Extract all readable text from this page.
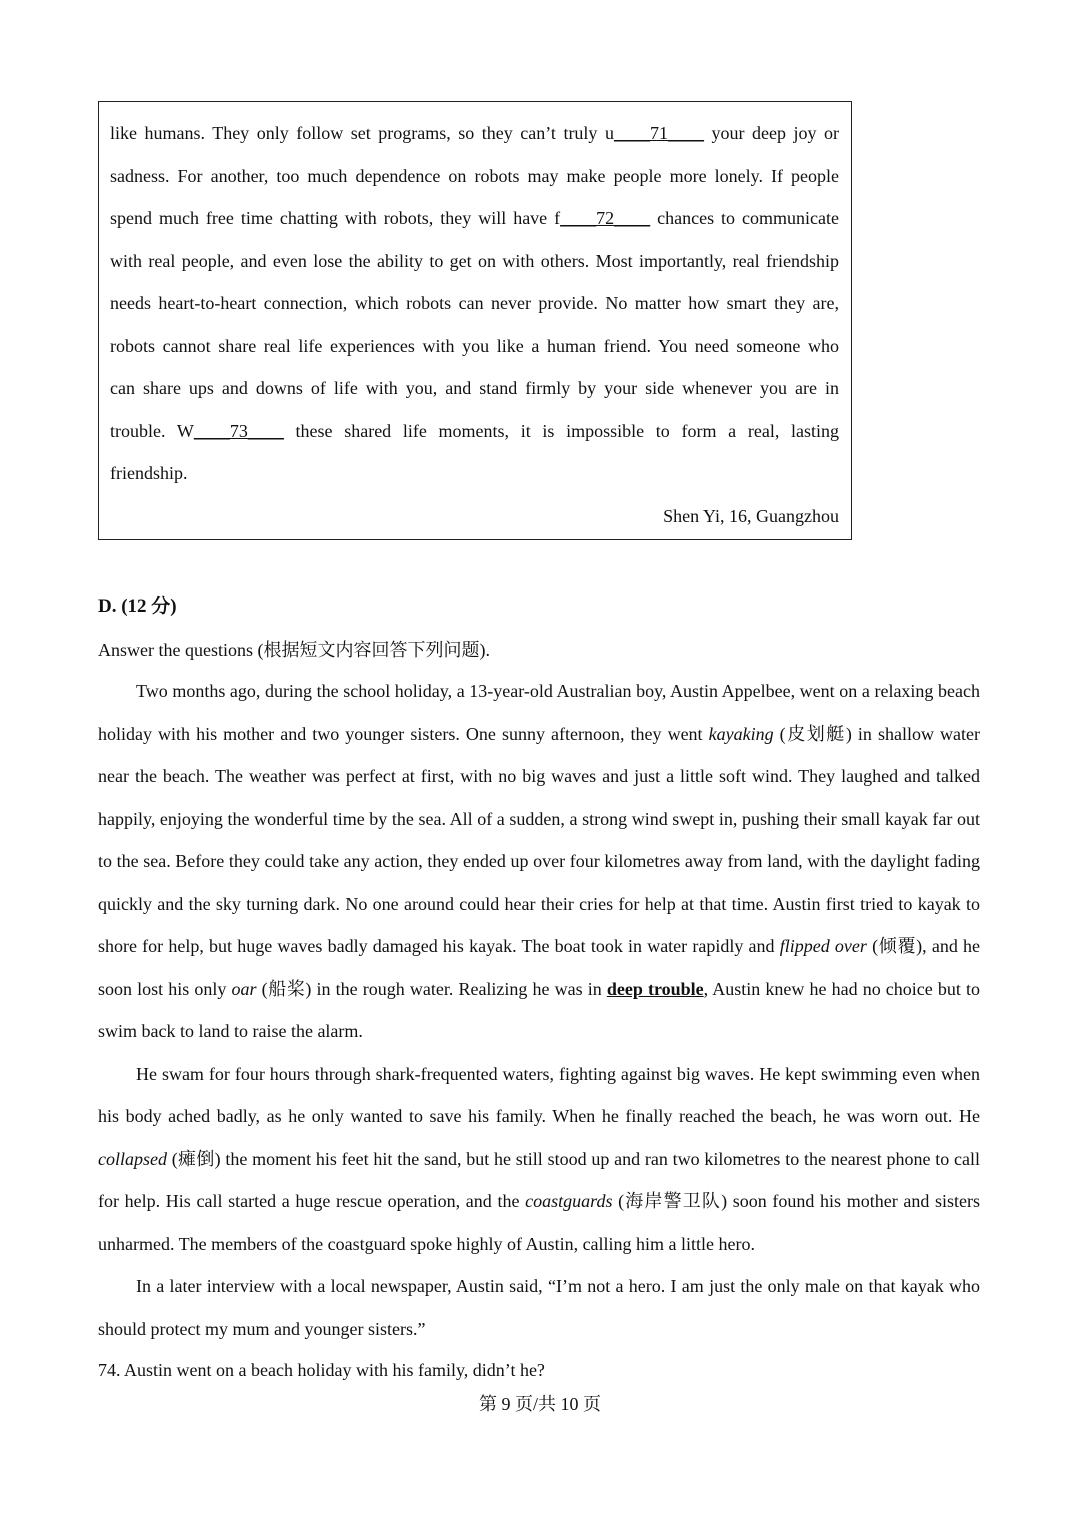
like humans. They only follow set programs, so they can’t truly u____71____ your deep joy or

sadness. For another, too much dependence on robots may make people more lonely. If people

spend much free time chatting with robots, they will have f____72____ chances to communicate

with real people, and even lose the ability to get on with others. Most importantly, real friendship

needs heart-to-heart connection, which robots can never provide. No matter how smart they are,

robots cannot share real life experiences with you like a human friend. You need someone who

can share ups and downs of life with you, and stand firmly by your side whenever you are in

trouble. W____73____ these shared life moments, it is impossible to form a real, lasting

friendship.

Shen Yi, 16, Guangzhou
D. (12 分)
Answer the questions (根据短文内容回答下列问题).

Two months ago, during the school holiday, a 13-year-old Australian boy, Austin Appelbee, went on a relaxing beach holiday with his mother and two younger sisters. One sunny afternoon, they went kayaking (皮划艇) in shallow water near the beach. The weather was perfect at first, with no big waves and just a little soft wind. They laughed and talked happily, enjoying the wonderful time by the sea. All of a sudden, a strong wind swept in, pushing their small kayak far out to the sea. Before they could take any action, they ended up over four kilometres away from land, with the daylight fading quickly and the sky turning dark. No one around could hear their cries for help at that time. Austin first tried to kayak to shore for help, but huge waves badly damaged his kayak. The boat took in water rapidly and flipped over (倾覆), and he soon lost his only oar (船桨) in the rough water. Realizing he was in deep trouble, Austin knew he had no choice but to swim back to land to raise the alarm.

He swam for four hours through shark-frequented waters, fighting against big waves. He kept swimming even when his body ached badly, as he only wanted to save his family. When he finally reached the beach, he was worn out. He collapsed (瘫倒) the moment his feet hit the sand, but he still stood up and ran two kilometres to the nearest phone to call for help. His call started a huge rescue operation, and the coastguards (海岸警卫队) soon found his mother and sisters unharmed. The members of the coastguard spoke highly of Austin, calling him a little hero.

In a later interview with a local newspaper, Austin said, “I’m not a hero. I am just the only male on that kayak who should protect my mum and younger sisters.”

74. Austin went on a beach holiday with his family, didn’t he?
第 9 页/共 10 页
